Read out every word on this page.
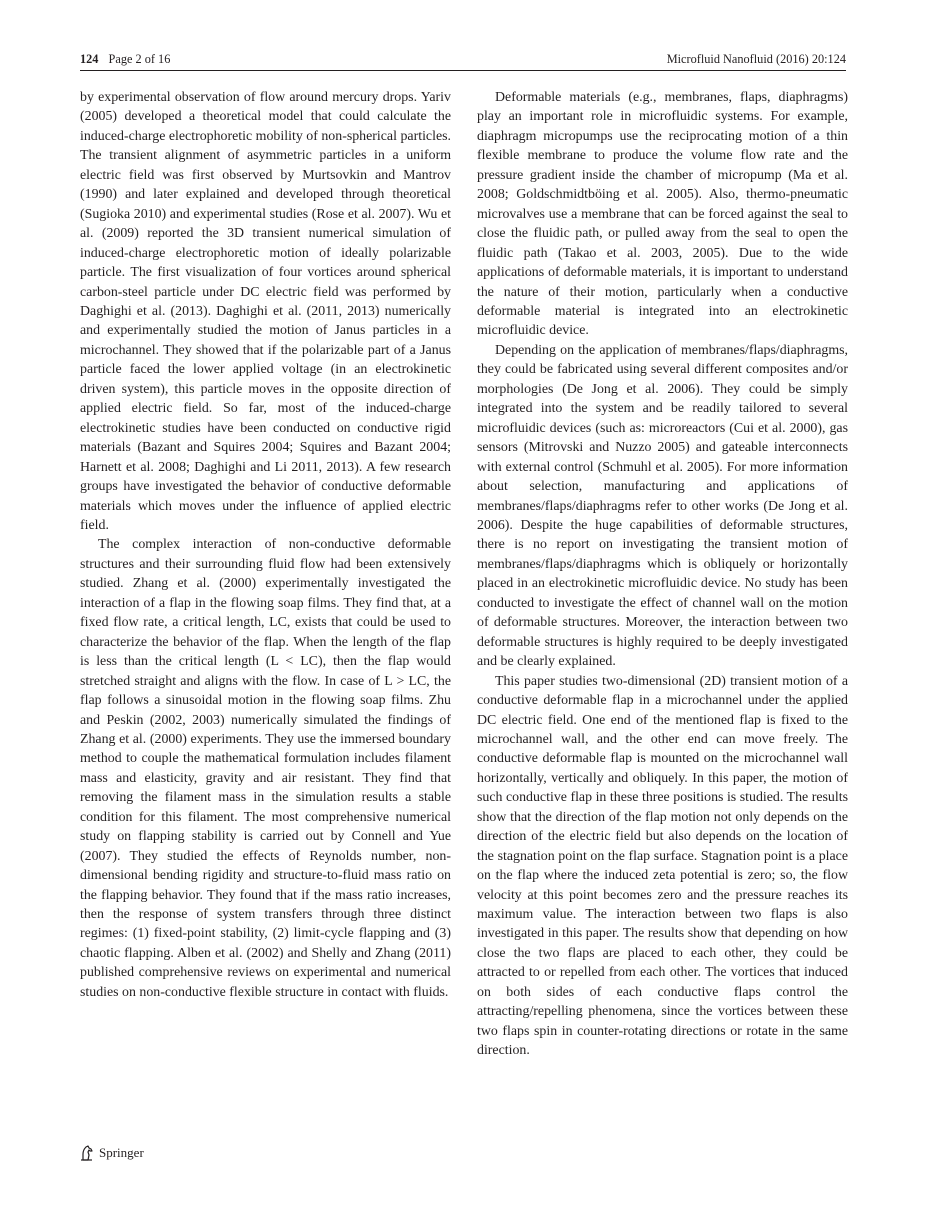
124 Page 2 of 16	Microfluid Nanofluid (2016) 20:124

by experimental observation of flow around mercury drops. Yariv (2005) developed a theoretical model that could calculate the induced-charge electrophoretic mobility of non-spherical particles. The transient alignment of asymmetric particles in a uniform electric field was first observed by Murtsovkin and Mantrov (1990) and later explained and developed through theoretical (Sugioka 2010) and experimental studies (Rose et al. 2007). Wu et al. (2009) reported the 3D transient numerical simulation of induced-charge electrophoretic motion of ideally polarizable particle. The first visualization of four vortices around spherical carbon-steel particle under DC electric field was performed by Daghighi et al. (2013). Daghighi et al. (2011, 2013) numerically and experimentally studied the motion of Janus particles in a microchannel. They showed that if the polarizable part of a Janus particle faced the lower applied voltage (in an electrokinetic driven system), this particle moves in the opposite direction of applied electric field. So far, most of the induced-charge electrokinetic studies have been conducted on conductive rigid materials (Bazant and Squires 2004; Squires and Bazant 2004; Harnett et al. 2008; Daghighi and Li 2011, 2013). A few research groups have investigated the behavior of conductive deformable materials which moves under the influence of applied electric field.

The complex interaction of non-conductive deformable structures and their surrounding fluid flow had been extensively studied. Zhang et al. (2000) experimentally investigated the interaction of a flap in the flowing soap films. They find that, at a fixed flow rate, a critical length, LC, exists that could be used to characterize the behavior of the flap. When the length of the flap is less than the critical length (L < LC), then the flap would stretched straight and aligns with the flow. In case of L > LC, the flap follows a sinusoidal motion in the flowing soap films. Zhu and Peskin (2002, 2003) numerically simulated the findings of Zhang et al. (2000) experiments. They use the immersed boundary method to couple the mathematical formulation includes filament mass and elasticity, gravity and air resistant. They find that removing the filament mass in the simulation results a stable condition for this filament. The most comprehensive numerical study on flapping stability is carried out by Connell and Yue (2007). They studied the effects of Reynolds number, non-dimensional bending rigidity and structure-to-fluid mass ratio on the flapping behavior. They found that if the mass ratio increases, then the response of system transfers through three distinct regimes: (1) fixed-point stability, (2) limit-cycle flapping and (3) chaotic flapping. Alben et al. (2002) and Shelly and Zhang (2011) published comprehensive reviews on experimental and numerical studies on non-conductive flexible structure in contact with fluids.

Deformable materials (e.g., membranes, flaps, diaphragms) play an important role in microfluidic systems. For example, diaphragm micropumps use the reciprocating motion of a thin flexible membrane to produce the volume flow rate and the pressure gradient inside the chamber of micropump (Ma et al. 2008; Goldschmidtböing et al. 2005). Also, thermo-pneumatic microvalves use a membrane that can be forced against the seal to close the fluidic path, or pulled away from the seal to open the fluidic path (Takao et al. 2003, 2005). Due to the wide applications of deformable materials, it is important to understand the nature of their motion, particularly when a conductive deformable material is integrated into an electrokinetic microfluidic device.

Depending on the application of membranes/flaps/diaphragms, they could be fabricated using several different composites and/or morphologies (De Jong et al. 2006). They could be simply integrated into the system and be readily tailored to several microfluidic devices (such as: microreactors (Cui et al. 2000), gas sensors (Mitrovski and Nuzzo 2005) and gateable interconnects with external control (Schmuhl et al. 2005). For more information about selection, manufacturing and applications of membranes/flaps/diaphragms refer to other works (De Jong et al. 2006). Despite the huge capabilities of deformable structures, there is no report on investigating the transient motion of membranes/flaps/diaphragms which is obliquely or horizontally placed in an electrokinetic microfluidic device. No study has been conducted to investigate the effect of channel wall on the motion of deformable structures. Moreover, the interaction between two deformable structures is highly required to be deeply investigated and be clearly explained.

This paper studies two-dimensional (2D) transient motion of a conductive deformable flap in a microchannel under the applied DC electric field. One end of the mentioned flap is fixed to the microchannel wall, and the other end can move freely. The conductive deformable flap is mounted on the microchannel wall horizontally, vertically and obliquely. In this paper, the motion of such conductive flap in these three positions is studied. The results show that the direction of the flap motion not only depends on the direction of the electric field but also depends on the location of the stagnation point on the flap surface. Stagnation point is a place on the flap where the induced zeta potential is zero; so, the flow velocity at this point becomes zero and the pressure reaches its maximum value. The interaction between two flaps is also investigated in this paper. The results show that depending on how close the two flaps are placed to each other, they could be attracted to or repelled from each other. The vortices that induced on both sides of each conductive flaps control the attracting/repelling phenomena, since the vortices between these two flaps spin in counter-rotating directions or rotate in the same direction.

Springer
